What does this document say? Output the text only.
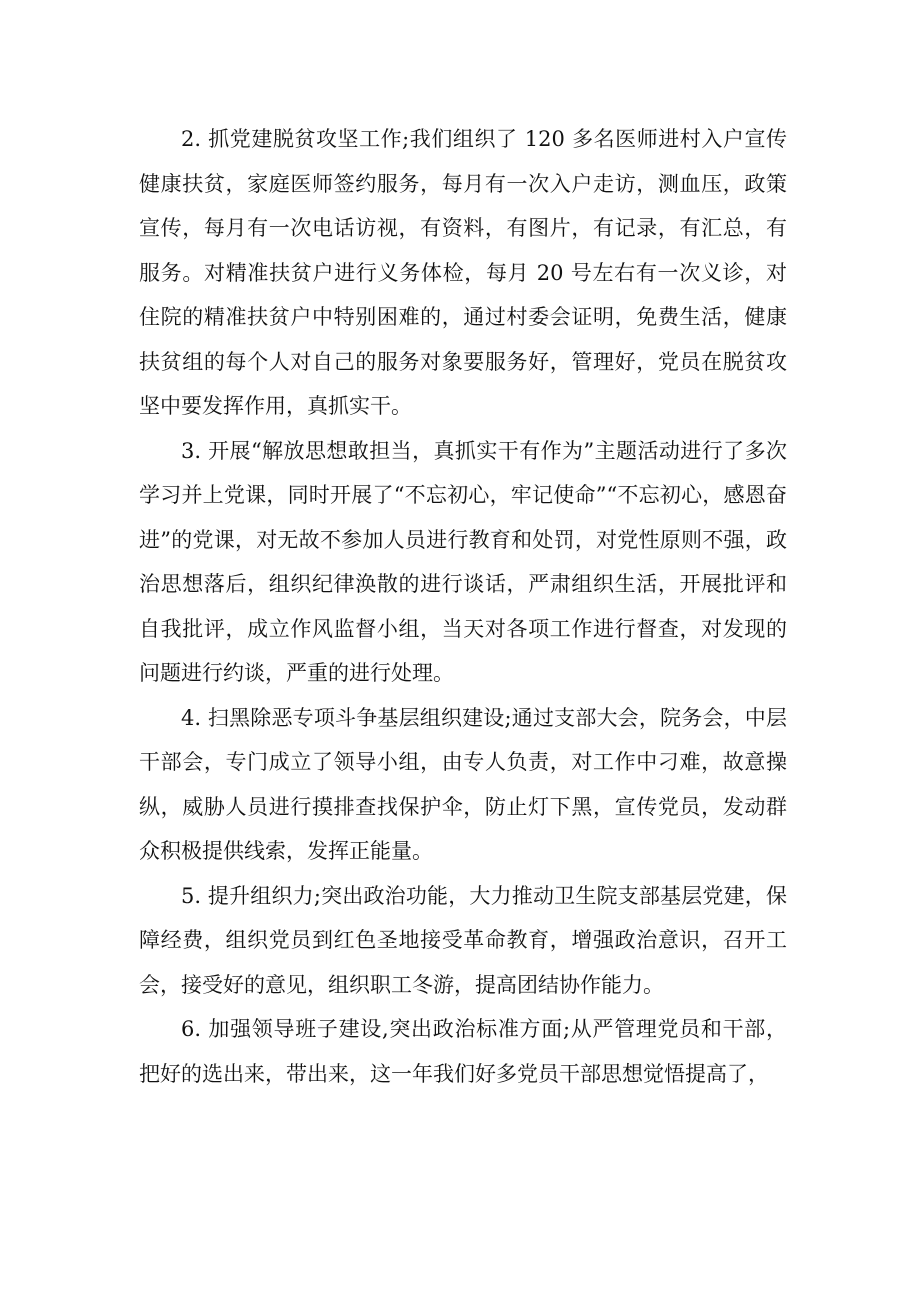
2. 抓党建脱贫攻坚工作;我们组织了 120 多名医师进村入户宣传健康扶贫，家庭医师签约服务，每月有一次入户走访，测血压，政策宣传，每月有一次电话访视，有资料，有图片，有记录，有汇总，有服务。对精准扶贫户进行义务体检，每月 20 号左右有一次义诊，对住院的精准扶贫户中特别困难的，通过村委会证明，免费生活，健康扶贫组的每个人对自己的服务对象要服务好，管理好，党员在脱贫攻坚中要发挥作用，真抓实干。

3. 开展“解放思想敢担当，真抓实干有作为”主题活动进行了多次学习并上党课，同时开展了“不忘初心，牢记使命”“不忘初心，感恩奋进”的党课，对无故不参加人员进行教育和处罚，对党性原则不强，政治思想落后，组织纪律涣散的进行谈话，严肃组织生活，开展批评和自我批评，成立作风监督小组，当天对各项工作进行督查，对发现的问题进行约谈，严重的进行处理。

4. 扫黑除恶专项斗争基层组织建设;通过支部大会，院务会，中层干部会，专门成立了领导小组，由专人负责，对工作中刁难，故意操纵，威胁人员进行摸排查找保护伞，防止灯下黑，宣传党员，发动群众积极提供线索，发挥正能量。

5. 提升组织力;突出政治功能，大力推动卫生院支部基层党建，保障经费，组织党员到红色圣地接受革命教育，增强政治意识，召开工会，接受好的意见，组织职工冬游，提高团结协作能力。

6. 加强领导班子建设,突出政治标准方面;从严管理党员和干部，把好的选出来，带出来，这一年我们好多党员干部思想觉悟提高了，
